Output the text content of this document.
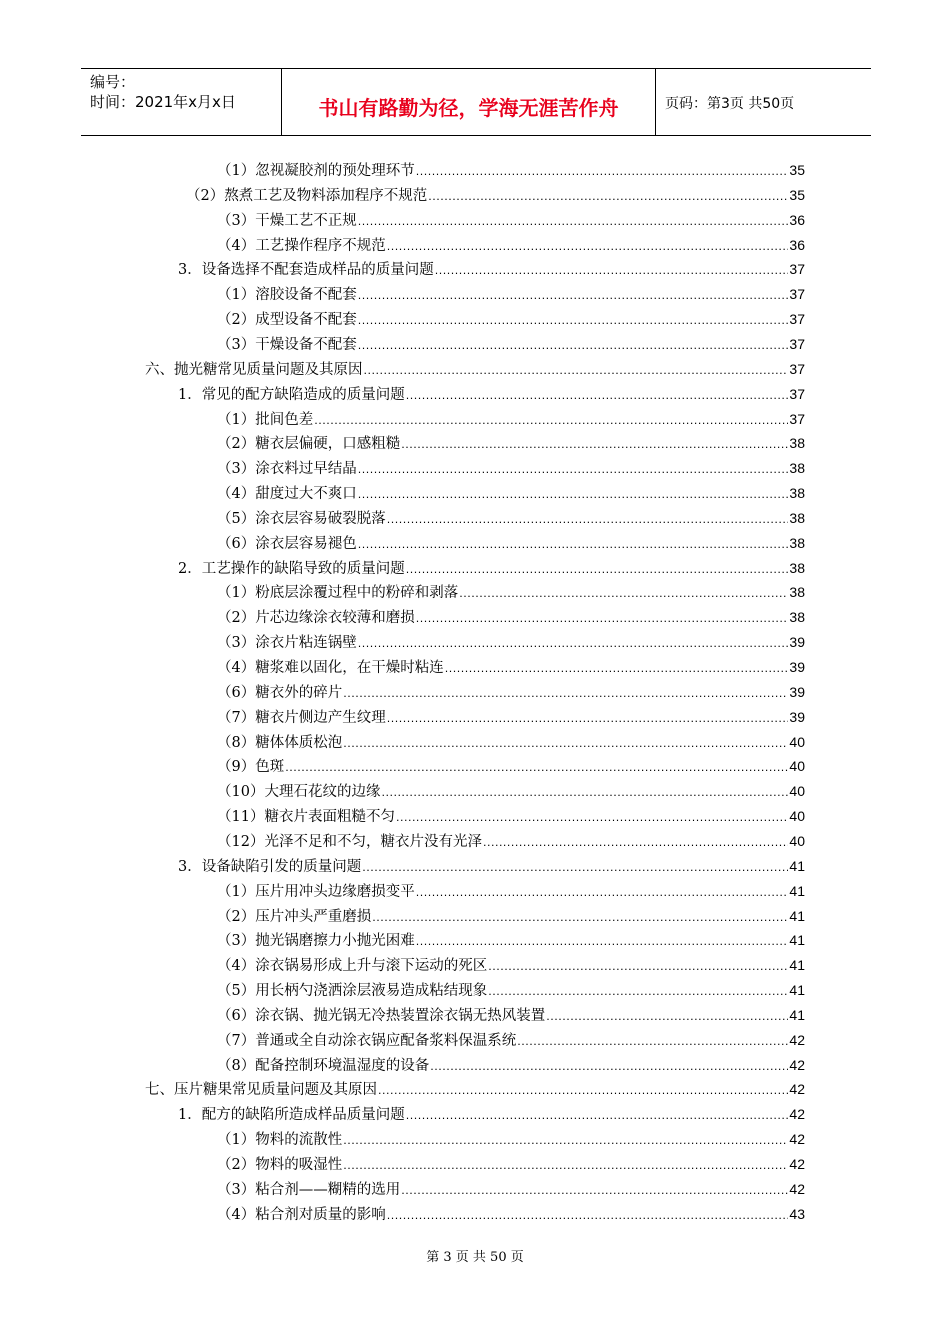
编号：
时间：2021年x月x日	书山有路勤为径，学海无涯苦作舟	页码：第3页 共50页
（1）忽视凝胶剂的预处理环节 .....	35
（2）熬煮工艺及物料添加程序不规范 .....	35
（3）干燥工艺不正规 .....	36
（4）工艺操作程序不规范 .....	36
3．设备选择不配套造成样品的质量问题 .....	37
（1）溶胶设备不配套 .....	37
（2）成型设备不配套 .....	37
（3）干燥设备不配套 .....	37
六、抛光糖常见质量问题及其原因 .....	37
1．常见的配方缺陷造成的质量问题 .....	37
（1）批间色差 .....	37
（2）糖衣层偏硬，口感粗糙 .....	38
（3）涂衣料过早结晶 .....	38
（4）甜度过大不爽口 .....	38
（5）涂衣层容易破裂脱落 .....	38
（6）涂衣层容易褪色 .....	38
2．工艺操作的缺陷导致的质量问题 .....	38
（1）粉底层涂覆过程中的粉碎和剥落 .....	38
（2）片芯边缘涂衣较薄和磨损 .....	38
（3）涂衣片粘连锅壁 .....	39
（4）糖浆难以固化，在干燥时粘连 .....	39
（6）糖衣外的碎片 .....	39
（7）糖衣片侧边产生纹理 .....	39
（8）糖体体质松泡 .....	40
（9）色斑 .....	40
（10）大理石花纹的边缘 .....	40
（11）糖衣片表面粗糙不匀 .....	40
（12）光泽不足和不匀，糖衣片没有光泽 .....	40
3．设备缺陷引发的质量问题 .....	41
（1）压片用冲头边缘磨损变平 .....	41
（2）压片冲头严重磨损 .....	41
（3）抛光锅磨擦力小抛光困难 .....	41
（4）涂衣锅易形成上升与滚下运动的死区 .....	41
（5）用长柄勺浇洒涂层液易造成粘结现象 .....	41
（6）涂衣锅、抛光锅无冷热装置涂衣锅无热风装置 .....	41
（7）普通或全自动涂衣锅应配备浆料保温系统 .....	42
（8）配备控制环境温湿度的设备 .....	42
七、压片糖果常见质量问题及其原因 .....	42
1．配方的缺陷所造成样品质量问题 .....	42
（1）物料的流散性 .....	42
（2）物料的吸湿性 .....	42
（3）粘合剂——糊精的选用 .....	42
（4）粘合剂对质量的影响 .....	43
第 3 页 共 50 页
